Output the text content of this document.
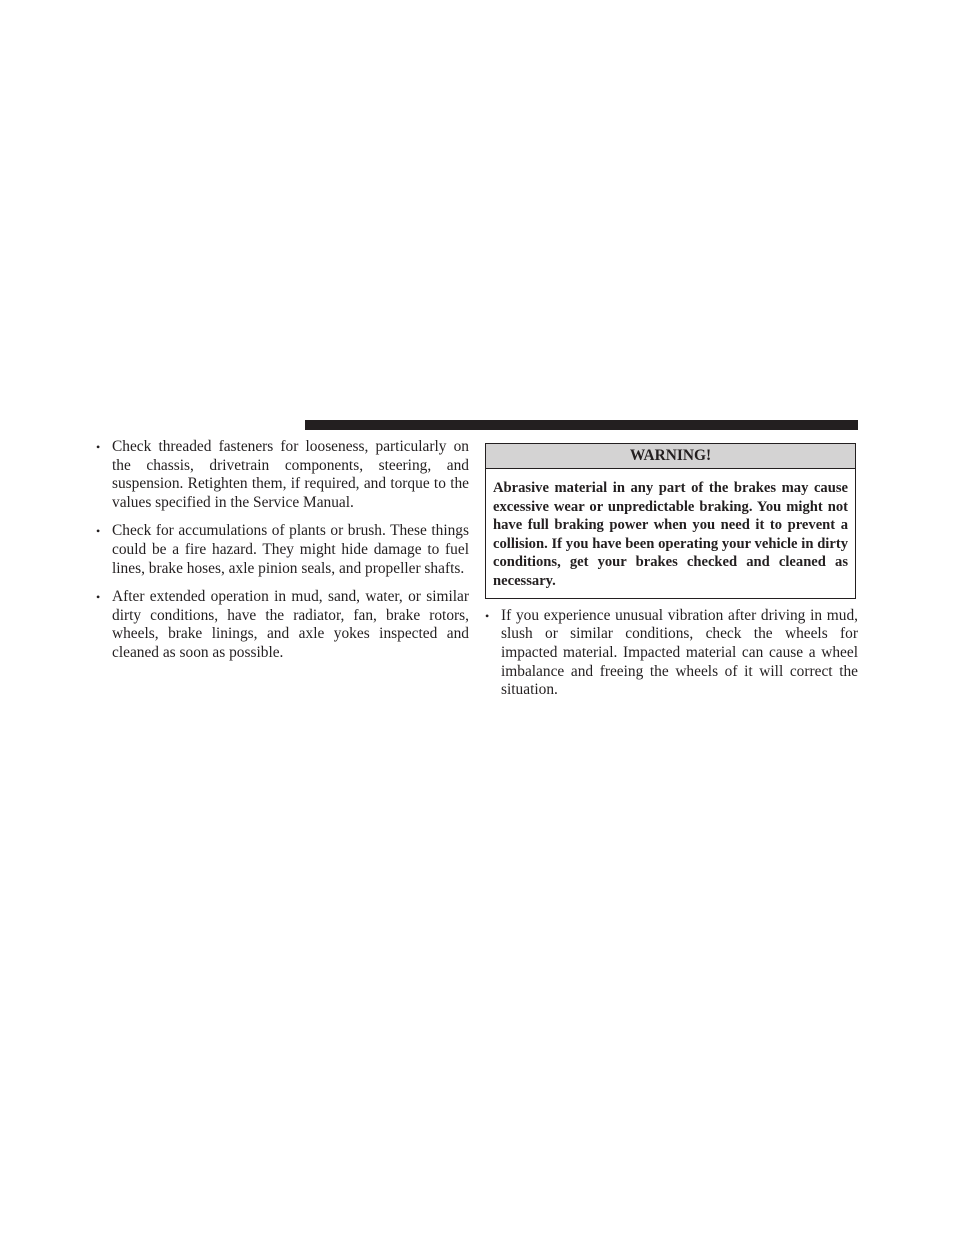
• Check threaded fasteners for looseness, particularly on the chassis, drivetrain components, steering, and suspension. Retighten them, if required, and torque to the values specified in the Service Manual.
• Check for accumulations of plants or brush. These things could be a fire hazard. They might hide damage to fuel lines, brake hoses, axle pinion seals, and propeller shafts.
• After extended operation in mud, sand, water, or similar dirty conditions, have the radiator, fan, brake rotors, wheels, brake linings, and axle yokes inspected and cleaned as soon as possible.
WARNING!
Abrasive material in any part of the brakes may cause excessive wear or unpredictable braking. You might not have full braking power when you need it to prevent a collision. If you have been operating your vehicle in dirty conditions, get your brakes checked and cleaned as necessary.
• If you experience unusual vibration after driving in mud, slush or similar conditions, check the wheels for impacted material. Impacted material can cause a wheel imbalance and freeing the wheels of it will correct the situation.
